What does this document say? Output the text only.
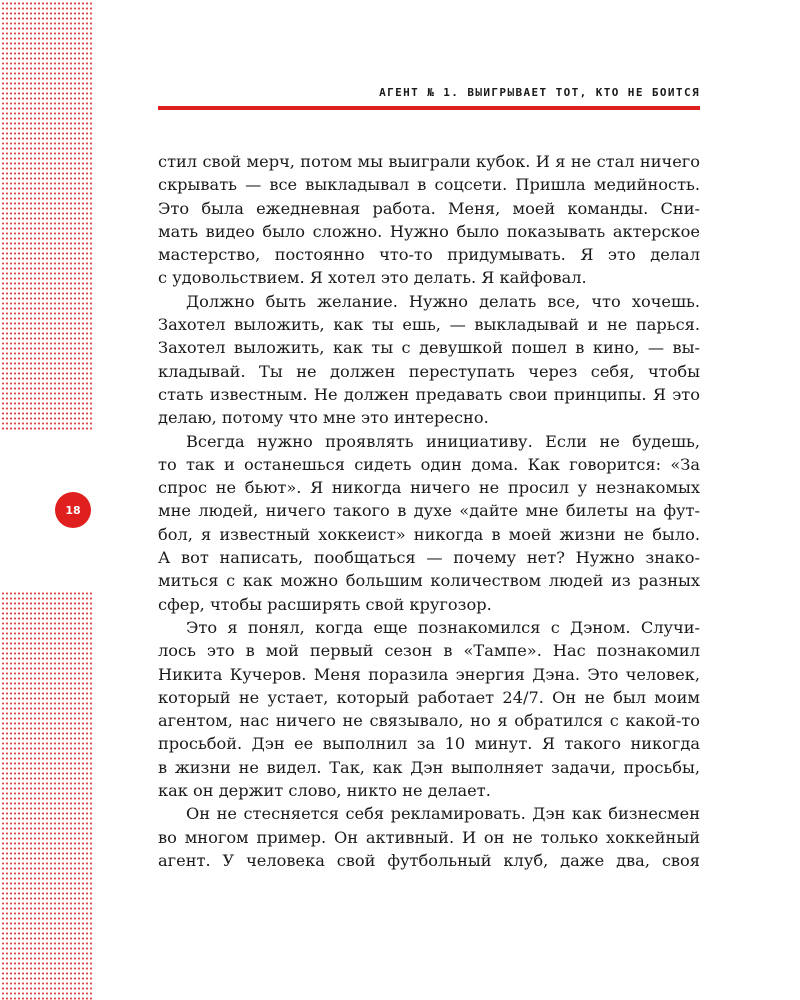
18
АГЕНТ № 1. ВЫИГРЫВАЕТ ТОТ, КТО НЕ БОИТСЯ

стил свой мерч, потом мы выиграли кубок. И я не стал ничего
скрывать — все выкладывал в соцсети. Пришла медийность.
Это была ежедневная работа. Меня, моей команды. Сни-
мать видео было сложно. Нужно было показывать актерское
мастерство, постоянно что-то придумывать. Я это делал
с удовольствием. Я хотел это делать. Я кайфовал.

Должно быть желание. Нужно делать все, что хочешь.
Захотел выложить, как ты ешь, — выкладывай и не парься.
Захотел выложить, как ты с девушкой пошел в кино, — вы-
кладывай. Ты не должен переступать через себя, чтобы
стать известным. Не должен предавать свои принципы. Я это
делаю, потому что мне это интересно.

Всегда нужно проявлять инициативу. Если не будешь,
то так и останешься сидеть один дома. Как говорится: «За
спрос не бьют». Я никогда ничего не просил у незнакомых
мне людей, ничего такого в духе «дайте мне билеты на фут-
бол, я известный хоккеист» никогда в моей жизни не было.
А вот написать, пообщаться — почему нет? Нужно знако-
миться с как можно большим количеством людей из разных
сфер, чтобы расширять свой кругозор.

Это я понял, когда еще познакомился с Дэном. Случи-
лось это в мой первый сезон в «Тампе». Нас познакомил
Никита Кучеров. Меня поразила энергия Дэна. Это человек,
который не устает, который работает 24/7. Он не был моим
агентом, нас ничего не связывало, но я обратился с какой-то
просьбой. Дэн ее выполнил за 10 минут. Я такого никогда
в жизни не видел. Так, как Дэн выполняет задачи, просьбы,
как он держит слово, никто не делает.

Он не стесняется себя рекламировать. Дэн как бизнесмен
во многом пример. Он активный. И он не только хоккейный
агент. У человека свой футбольный клуб, даже два, своя
